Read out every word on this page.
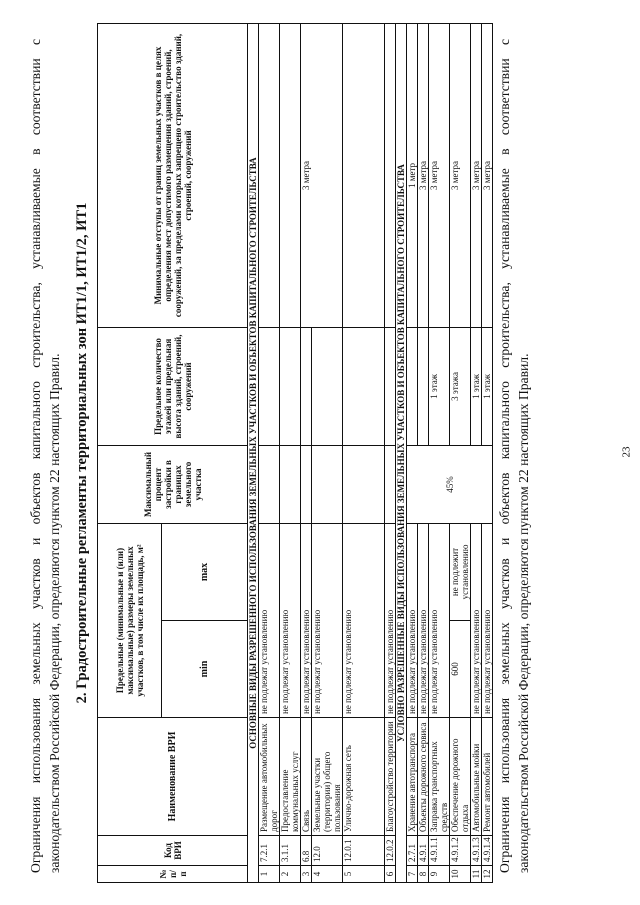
23

Ограничения использования земельных участков и объектов капитального строительства, устанавливаемые в соответствии с законодательством Российской Федерации, определяются пунктом 22 настоящих Правил. 2. Градостроительные регламенты территориальных зон ИТ1/1, ИТ1/2, ИТ1
№ п/п	Код ВРИ	Наименование ВРИ	Предельные (минимальные и (или) максимальные) размеры земельных участков, в том числе их площадь, м²		Максимальный процент застройки в границах земельного участка	Предельное количество этажей или предельная высота зданий, строений, сооружений	Минимальные отступы от границ земельных участков в целях определения мест допустимого размещения зданий, строений, сооружений, за пределами которых запрещено строительство зданий, строений, сооружений
			min	max			
ОСНОВНЫЕ ВИДЫ РАЗРЕШЕННОГО ИСПОЛЬЗОВАНИЯ ЗЕМЕЛЬНЫХ УЧАСТКОВ И ОБЪЕКТОВ КАПИТАЛЬНОГО СТРОИТЕЛЬСТВА							
1	7.2.1	Размещение автомобильных дорог	не подлежат установлению				
2	3.1.1	Предоставление коммунальных услуг	не подлежат установлению				
3	6.8	Связь	не подлежат установлению				3 метра
4	12.0	Земельные участки (территории) общего пользования	не подлежат установлению				
5	12.0.1	Улично-дорожная сеть	не подлежат установлению				
6	12.0.2	Благоустройство территории	не подлежат установлению				
УСЛОВНО РАЗРЕШЕННЫЕ ВИДЫ ИСПОЛЬЗОВАНИЯ ЗЕМЕЛЬНЫХ УЧАСТКОВ И ОБЪЕКТОВ КАПИТАЛЬНОГО СТРОИТЕЛЬСТВА							
7	2.7.1	Хранение автотранспорта	не подлежат установлению		45%		1 метр
8	4.9.1	Объекты дорожного сервиса	не подлежат установлению				3 метра
9	4.9.1.1	Заправка транспортных средств	не подлежат установлению			1 этаж	3 метра
10	4.9.1.2	Обеспечение дорожного отдыха	600	не подлежит установлению		3 этажа	3 метра
11	4.9.1.3	Автомобильные мойки	не подлежат установлению			1 этаж	3 метра
12	4.9.1.4	Ремонт автомобилей	не подлежат установлению			1 этаж	3 метра Ограничения использования земельных участков и объектов капитального строительства, устанавливаемые в соответствии с законодательством Российской Федерации, определяются пунктом 22 настоящих Правил.
